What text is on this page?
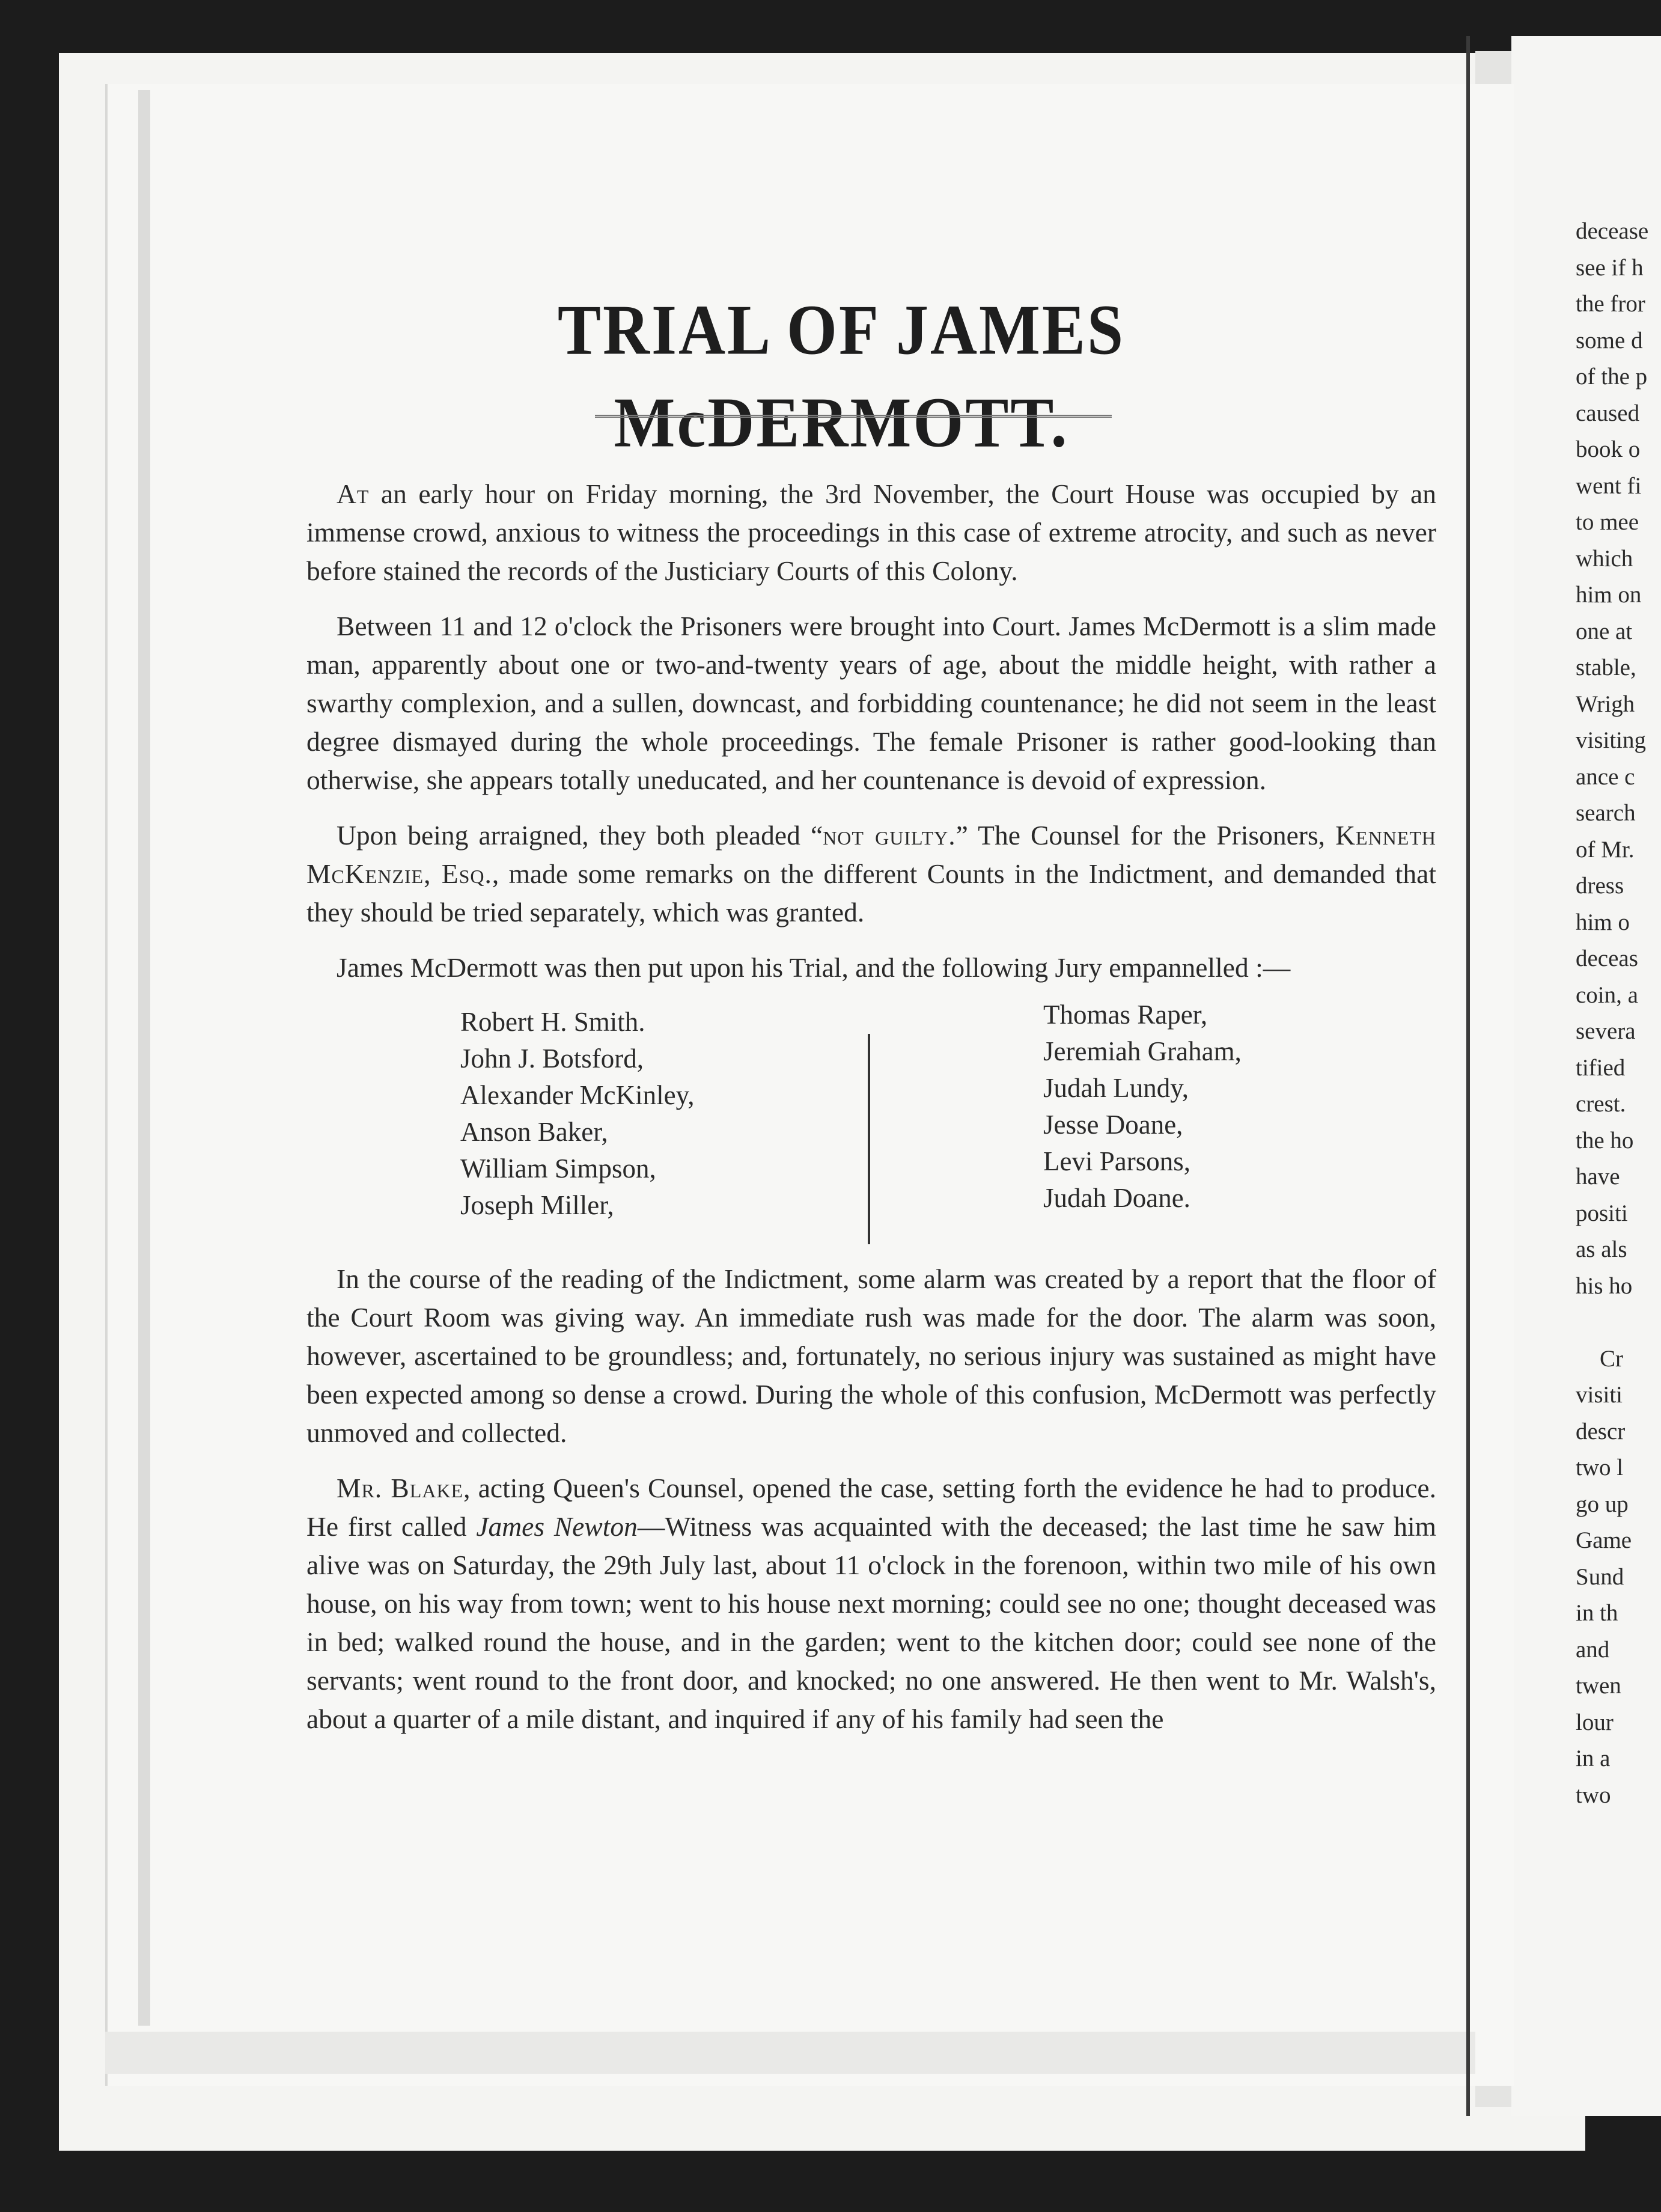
TRIAL OF JAMES McDERMOTT.

At an early hour on Friday morning, the 3rd November, the Court House was occupied by an immense crowd, anxious to witness the proceedings in this case of extreme atrocity, and such as never before stained the records of the Justiciary Courts of this Colony.

Between 11 and 12 o'clock the Prisoners were brought into Court. James McDermott is a slim made man, apparently about one or two-and-twenty years of age, about the middle height, with rather a swarthy complexion, and a sullen, downcast, and forbidding countenance; he did not seem in the least degree dismayed during the whole proceedings. The female Prisoner is rather good-looking than otherwise, she appears totally uneducated, and her countenance is devoid of expression.

Upon being arraigned, they both pleaded “not guilty.” The Counsel for the Prisoners, Kenneth McKenzie, Esq., made some remarks on the different Counts in the Indictment, and demanded that they should be tried separately, which was granted.

James McDermott was then put upon his Trial, and the following Jury empannelled :—

Robert H. Smith.
John J. Botsford,
Alexander McKinley,
Anson Baker,
William Simpson,
Joseph Miller,
Thomas Raper,
Jeremiah Graham,
Judah Lundy,
Jesse Doane,
Levi Parsons,
Judah Doane.

In the course of the reading of the Indictment, some alarm was created by a report that the floor of the Court Room was giving way. An immediate rush was made for the door. The alarm was soon, however, ascertained to be groundless; and, fortunately, no serious injury was sustained as might have been expected among so dense a crowd. During the whole of this confusion, McDermott was perfectly unmoved and collected.

Mr. Blake, acting Queen's Counsel, opened the case, setting forth the evidence he had to produce. He first called James Newton—Witness was acquainted with the deceased; the last time he saw him alive was on Saturday, the 29th July last, about 11 o'clock in the forenoon, within two mile of his own house, on his way from town; went to his house next morning; could see no one; thought deceased was in bed; walked round the house, and in the garden; went to the kitchen door; could see none of the servants; went round to the front door, and knocked; no one answered. He then went to Mr. Walsh's, about a quarter of a mile distant, and inquired if any of his family had seen the

decease
see if h
the fror
some d
of the p
caused
book o
went fi
to mee
which
him on
one at
stable,
Wrigh
visiting
ance c
search
of Mr.
dress
him o
deceas
coin, a
severa
tified
crest.
the ho
have
positi
as als
his ho
Cr
visiti
descr
two l
go up
Game
Sund
in th
and
twen
lour
in a
two
